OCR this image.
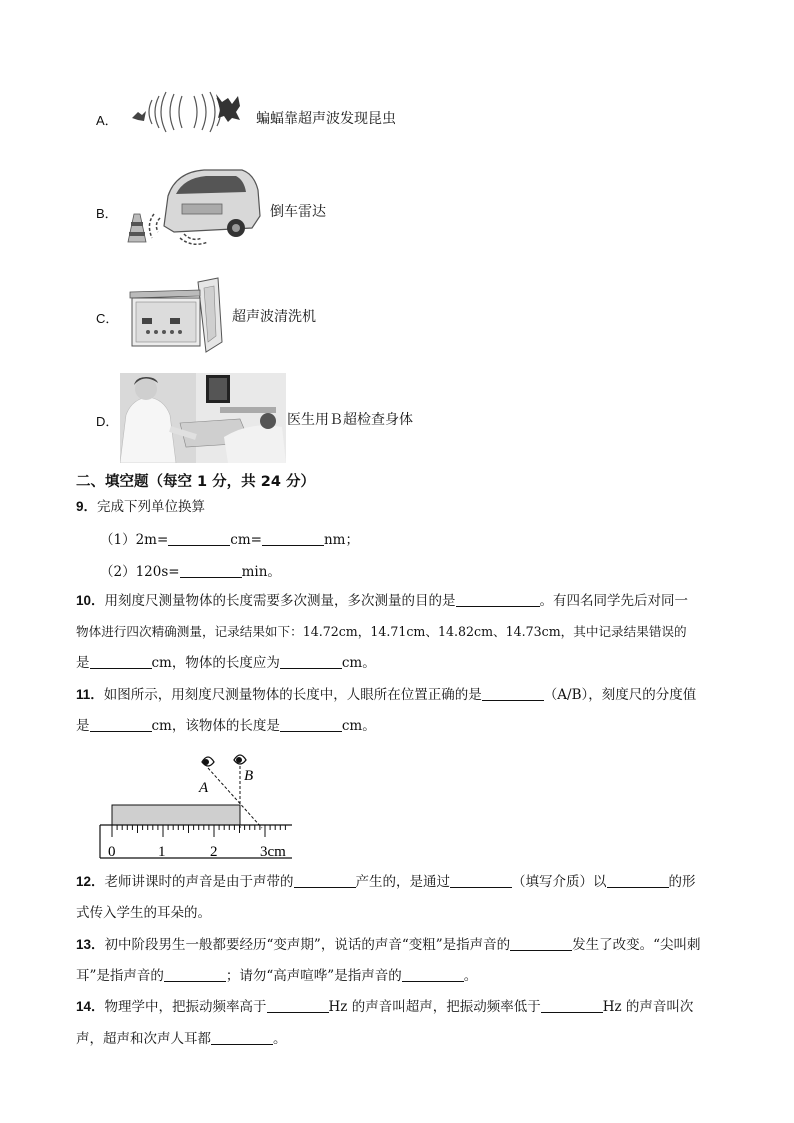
A．	蝙蝠靠超声波发现昆虫
B．	倒车雷达
C．	超声波清洗机
D．	医生用Ｂ超检查身体
二、填空题（每空 1 分，共 24 分）
9．完成下列单位换算
（1）2m=	cm=	nm；
（2）120s=	min。
10．用刻度尺测量物体的长度需要多次测量，多次测量的目的是	。有四名同学先后对同一
物体进行四次精确测量，记录结果如下：14.72cm，14.71cm、14.82cm、14.73cm，其中记录结果错误的
是	cm，物体的长度应为	cm。
11．如图所示，用刻度尺测量物体的长度中，人眼所在位置正确的是	（A/B），刻度尺的分度值
是	cm，该物体的长度是	cm。
A
B
0	1	2	3cm
12．老师讲课时的声音是由于声带的	产生的，是通过	（填写介质）以	的形
式传入学生的耳朵的。
13．初中阶段男生一般都要经历“变声期”，说话的声音“变粗”是指声音的	发生了改变。“尖叫刺
耳”是指声音的	；请勿“高声喧哗”是指声音的	。
14．物理学中，把振动频率高于	Hz 的声音叫超声，把振动频率低于	Hz 的声音叫次
声，超声和次声人耳都	。
